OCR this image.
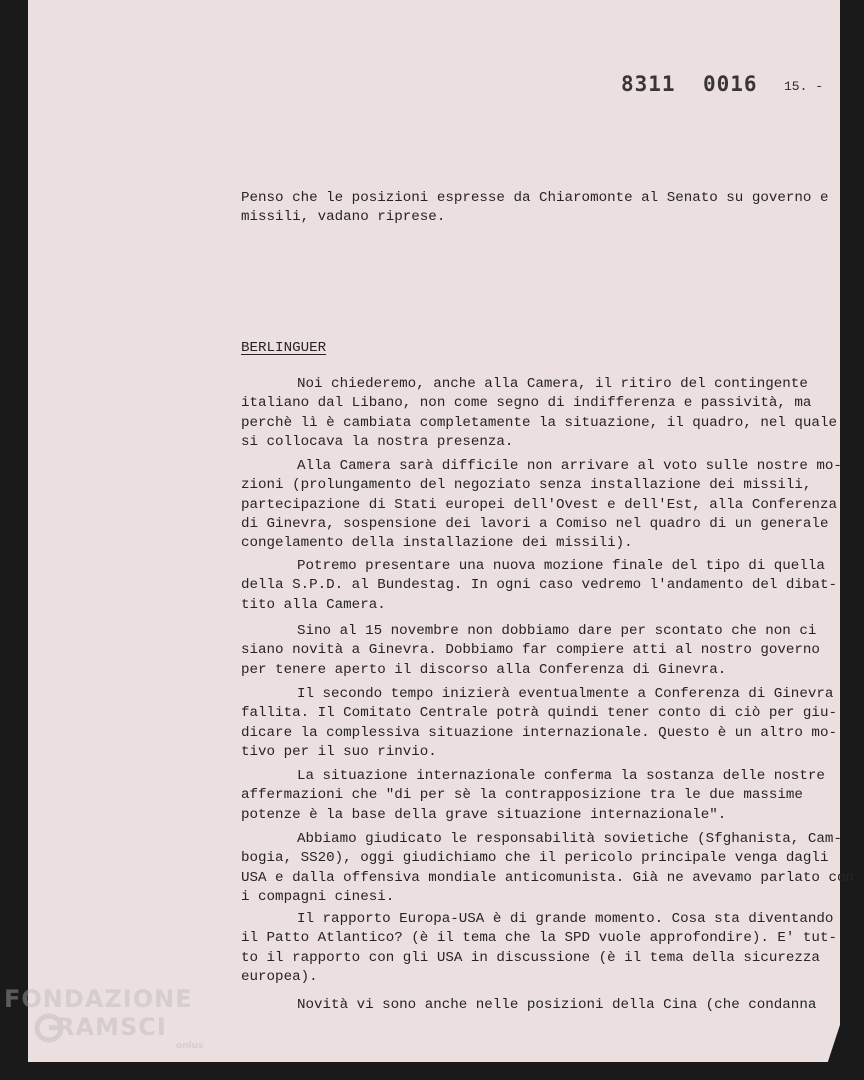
8311 0016 15. -
Penso che le posizioni espresse da Chiaromonte al Senato su governo e
missili, vadano riprese.
BERLINGUER
Noi chiederemo, anche alla Camera, il ritiro del contingente
italiano dal Libano, non come segno di indifferenza e passività, ma
perchè lì è cambiata completamente la situazione, il quadro, nel quale
si collocava la nostra presenza.
Alla Camera sarà difficile non arrivare al voto sulle nostre mo-
zioni (prolungamento del negoziato senza installazione dei missili,
partecipazione di Stati europei dell'Ovest e dell'Est, alla Conferenza
di Ginevra, sospensione dei lavori a Comiso nel quadro di un generale
congelamento della installazione dei missili).
Potremo presentare una nuova mozione finale del tipo di quella
della S.P.D. al Bundestag. In ogni caso vedremo l'andamento del dibat-
tito alla Camera.
Sino al 15 novembre non dobbiamo dare per scontato che non ci
siano novità a Ginevra. Dobbiamo far compiere atti al nostro governo
per tenere aperto il discorso alla Conferenza di Ginevra.
Il secondo tempo inizierà eventualmente a Conferenza di Ginevra
fallita. Il Comitato Centrale potrà quindi tener conto di ciò per giu-
dicare la complessiva situazione internazionale. Questo è un altro mo-
tivo per il suo rinvio.
La situazione internazionale conferma la sostanza delle nostre
affermazioni che "di per sè la contrapposizione tra le due massime
potenze è la base della grave situazione internazionale".
Abbiamo giudicato le responsabilità sovietiche (Sfghanista, Cam-
bogia, SS20), oggi giudichiamo che il pericolo principale venga dagli
USA e dalla offensiva mondiale anticomunista. Già ne avevamo parlato con
i compagni cinesi.
Il rapporto Europa-USA è di grande momento. Cosa sta diventando
il Patto Atlantico? (è il tema che la SPD vuole approfondire). E' tut-
to il rapporto con gli USA in discussione (è il tema della sicurezza
europea).
Novità vi sono anche nelle posizioni della Cina (che condanna
FONDAZIONE
RAMSCI
onlus
